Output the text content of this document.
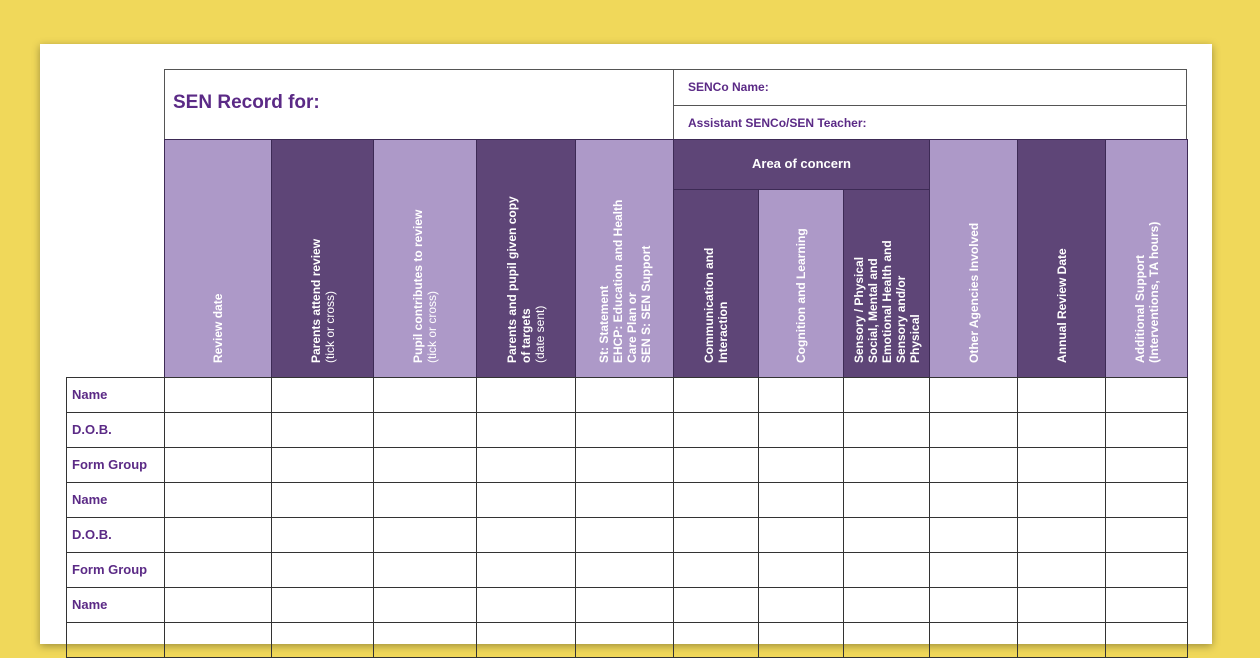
SEN Record for:
SENCo Name:
Assistant SENCo/SEN Teacher:
Area of concern
Review date	Parents attend review (tick or cross)	Pupil contributes to review (tick or cross)	Parents and pupil given copy of targets (date sent)	St: Statement EHCP: Education and Health Care Plan or SEN S: SEN Support	Communication and Interaction	Cognition and Learning	Sensory / Physical Social, Mental and Emotional Health and Sensory and/or Physical	Other Agencies Involved	Annual Review Date	Additional Support (Interventions, TA hours)
Name
D.O.B.
Form Group
Name
D.O.B.
Form Group
Name
